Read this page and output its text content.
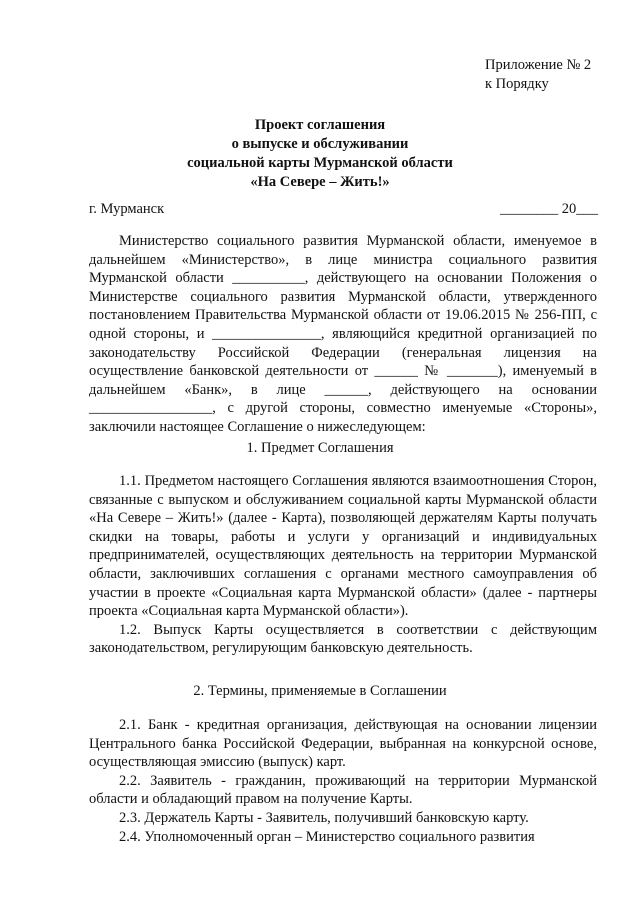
Приложение № 2
к Порядку
Проект соглашения
о выпуске и обслуживании
социальной карты Мурманской области
«На Севере – Жить!»
г. Мурманск	________ 20___

Министерство социального развития Мурманской области, именуемое в дальнейшем «Министерство», в лице министра социального развития Мурманской области __________, действующего на основании Положения о Министерстве социального развития Мурманской области, утвержденного постановлением Правительства Мурманской области от 19.06.2015 № 256-ПП, с одной стороны, и _______________, являющийся кредитной организацией по законодательству Российской Федерации (генеральная лицензия на осуществление банковской деятельности от ______ № _______), именуемый в дальнейшем «Банк», в лице ______, действующего на основании _________________, с другой стороны, совместно именуемые «Стороны», заключили настоящее Соглашение о нижеследующем:

1. Предмет Соглашения

1.1. Предметом настоящего Соглашения являются взаимоотношения Сторон, связанные с выпуском и обслуживанием социальной карты Мурманской области «На Севере – Жить!» (далее - Карта), позволяющей держателям Карты получать скидки на товары, работы и услуги у организаций и индивидуальных предпринимателей, осуществляющих деятельность на территории Мурманской области, заключивших соглашения с органами местного самоуправления об участии в проекте «Социальная карта Мурманской области» (далее - партнеры проекта «Социальная карта Мурманской области»).

1.2. Выпуск Карты осуществляется в соответствии с действующим законодательством, регулирующим банковскую деятельность.

2. Термины, применяемые в Соглашении

2.1. Банк - кредитная организация, действующая на основании лицензии Центрального банка Российской Федерации, выбранная на конкурсной основе, осуществляющая эмиссию (выпуск) карт.

2.2. Заявитель - гражданин, проживающий на территории Мурманской области и обладающий правом на получение Карты.

2.3. Держатель Карты - Заявитель, получивший банковскую карту.

2.4. Уполномоченный орган – Министерство социального развития
